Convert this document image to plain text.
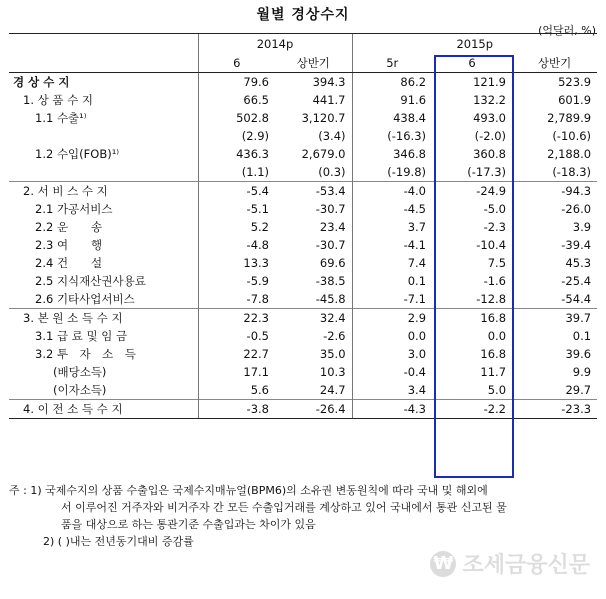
월별 경상수지
(억달러, %)
	2014p		2015p		
	6	상반기	5r	6	상반기
경 상 수 지	79.6	394.3	86.2	121.9	523.9
1. 상 품 수 지	66.5	441.7	91.6	132.2	601.9
1.1 수출¹⁾	502.8	3,120.7	438.4	493.0	2,789.9
	(2.9)	(3.4)	(-16.3)	(-2.0)	(-10.6)
1.2 수입(FOB)¹⁾	436.3	2,679.0	346.8	360.8	2,188.0
	(1.1)	(0.3)	(-19.8)	(-17.3)	(-18.3)
2. 서 비 스 수 지	-5.4	-53.4	-4.0	-24.9	-94.3
2.1 가공서비스	-5.1	-30.7	-4.5	-5.0	-26.0
2.2 운　　송	5.2	23.4	3.7	-2.3	3.9
2.3 여　　행	-4.8	-30.7	-4.1	-10.4	-39.4
2.4 건　　설	13.3	69.6	7.4	7.5	45.3
2.5 지식재산권사용료	-5.9	-38.5	0.1	-1.6	-25.4
2.6 기타사업서비스	-7.8	-45.8	-7.1	-12.8	-54.4
3. 본 원 소 득 수 지	22.3	32.4	2.9	16.8	39.7
3.1 급 료 및 임 금	-0.5	-2.6	0.0	0.0	0.1
3.2 투　자　소　득	22.7	35.0	3.0	16.8	39.6
(배당소득)	17.1	10.3	-0.4	11.7	9.9
(이자소득)	5.6	24.7	3.4	5.0	29.7
4. 이 전 소 득 수 지	-3.8	-26.4	-4.3	-2.2	-23.3
주 : 1) 국제수지의 상품 수출입은 국제수지매뉴얼(BPM6)의 소유권 변동원칙에 따라 국내 및 해외에
서 이루어진 거주자와 비거주자 간 모든 수출입거래를 계상하고 있어 국내에서 통관 신고된 물
품을 대상으로 하는 통관기준 수출입과는 차이가 있음
2) ( )내는 전년동기대비 증감률
₩ 조세금융신문
